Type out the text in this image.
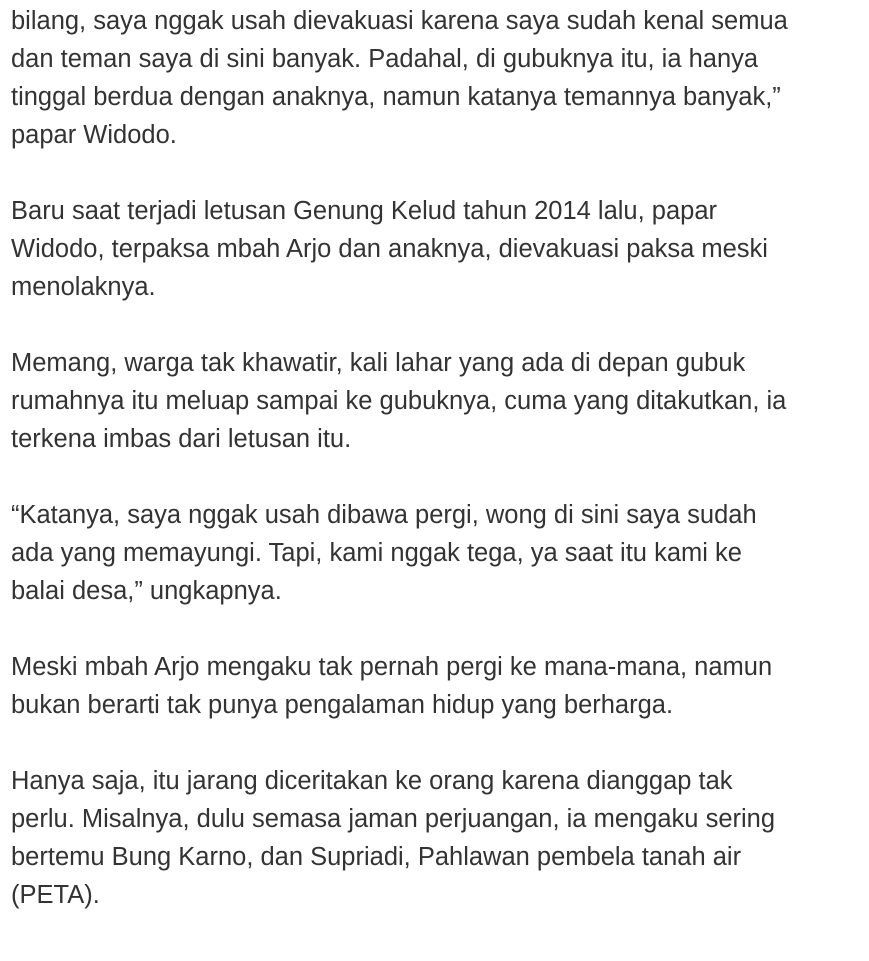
bilang, saya nggak usah dievakuasi karena saya sudah kenal semua
dan teman saya di sini banyak. Padahal, di gubuknya itu, ia hanya
tinggal berdua dengan anaknya, namun katanya temannya banyak,”
papar Widodo.

Baru saat terjadi letusan Genung Kelud tahun 2014 lalu, papar
Widodo, terpaksa mbah Arjo dan anaknya, dievakuasi paksa meski
menolaknya.

Memang, warga tak khawatir, kali lahar yang ada di depan gubuk
rumahnya itu meluap sampai ke gubuknya, cuma yang ditakutkan, ia
terkena imbas dari letusan itu.

“Katanya, saya nggak usah dibawa pergi, wong di sini saya sudah
ada yang memayungi. Tapi, kami nggak tega, ya saat itu kami ke
balai desa,” ungkapnya.

Meski mbah Arjo mengaku tak pernah pergi ke mana-mana, namun
bukan berarti tak punya pengalaman hidup yang berharga.

Hanya saja, itu jarang diceritakan ke orang karena dianggap tak
perlu. Misalnya, dulu semasa jaman perjuangan, ia mengaku sering
bertemu Bung Karno, dan Supriadi, Pahlawan pembela tanah air
(PETA).
